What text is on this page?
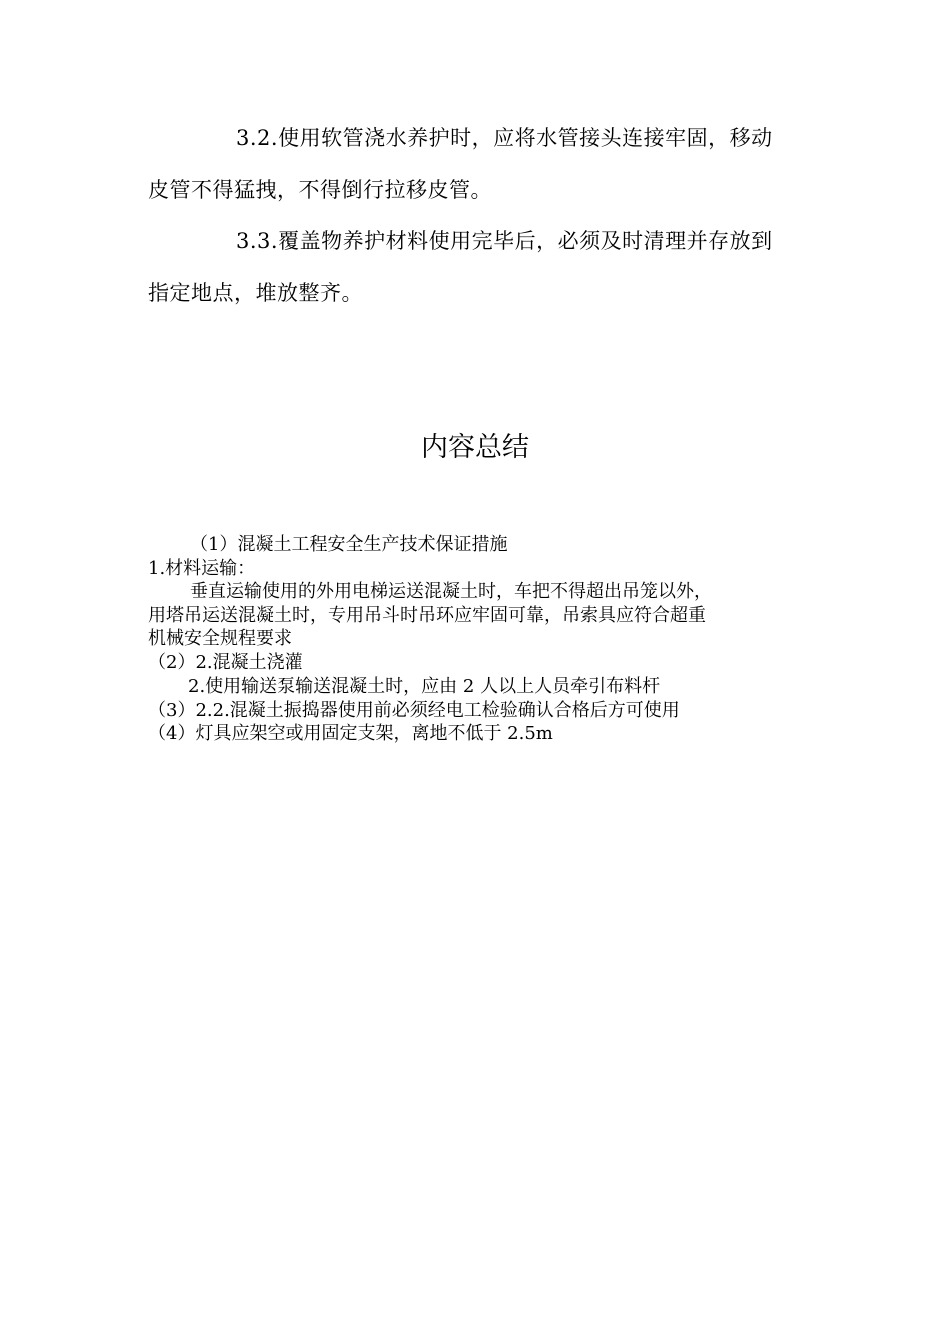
3.2.使用软管浇水养护时，应将水管接头连接牢固，移动
皮管不得猛拽，不得倒行拉移皮管。
3.3.覆盖物养护材料使用完毕后，必须及时清理并存放到
指定地点，堆放整齐。
内容总结
（1）混凝土工程安全生产技术保证措施
1.材料运输：
垂直运输使用的外用电梯运送混凝土时，车把不得超出吊笼以外，
用塔吊运送混凝土时，专用吊斗时吊环应牢固可靠，吊索具应符合超重
机械安全规程要求
（2）2.混凝土浇灌
2.使用输送泵输送混凝土时，应由 2 人以上人员牵引布料杆
（3）2.2.混凝土振捣器使用前必须经电工检验确认合格后方可使用
（4）灯具应架空或用固定支架，离地不低于 2.5m
